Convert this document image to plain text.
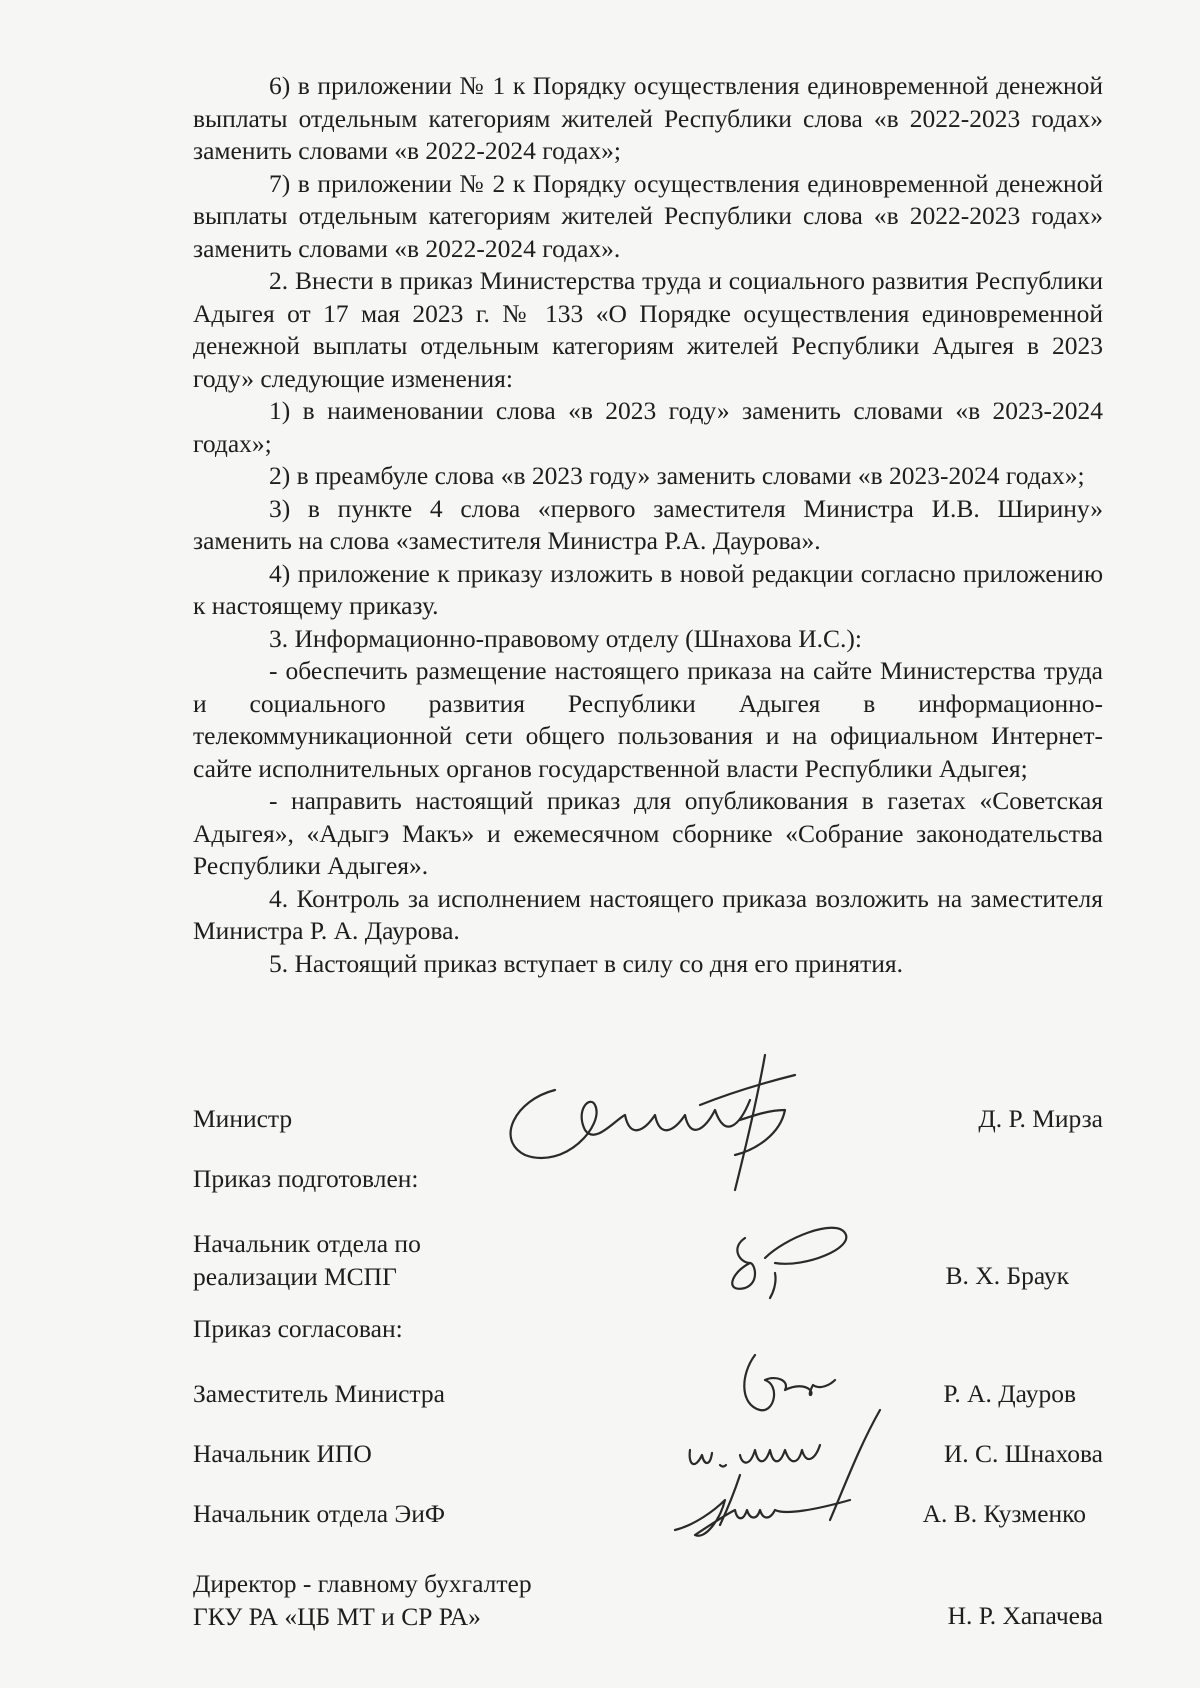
6) в приложении № 1 к Порядку осуществления единовременной денежной выплаты отдельным категориям жителей Республики слова «в 2022-2023 годах» заменить словами «в 2022-2024 годах»;

7) в приложении № 2 к Порядку осуществления единовременной денежной выплаты отдельным категориям жителей Республики слова «в 2022-2023 годах» заменить словами «в 2022-2024 годах».

2. Внести в приказ Министерства труда и социального развития Республики Адыгея от 17 мая 2023 г. № 133 «О Порядке осуществления единовременной денежной выплаты отдельным категориям жителей Республики Адыгея в 2023 году» следующие изменения:

1) в наименовании слова «в 2023 году» заменить словами «в 2023-2024 годах»;

2) в преамбуле слова «в 2023 году» заменить словами «в 2023-2024 годах»;

3) в пункте 4 слова «первого заместителя Министра И.В. Ширину» заменить на слова «заместителя Министра Р.А. Даурова».

4) приложение к приказу изложить в новой редакции согласно приложению к настоящему приказу.

3. Информационно-правовому отделу (Шнахова И.С.):

- обеспечить размещение настоящего приказа на сайте Министерства труда и социального развития Республики Адыгея в информационно-телекоммуникационной сети общего пользования и на официальном Интернет-сайте исполнительных органов государственной власти Республики Адыгея;

- направить настоящий приказ для опубликования в газетах «Советская Адыгея», «Адыгэ Макъ» и ежемесячном сборнике «Собрание законодательства Республики Адыгея».

4. Контроль за исполнением настоящего приказа возложить на заместителя Министра Р. А. Даурова.

5. Настоящий приказ вступает в силу со дня его принятия.

Министр	Д. Р. Мирза
Приказ подготовлен:
Начальник отдела по
реализации МСПГ	В. Х. Браук
Приказ согласован:
Заместитель Министра	Р. А. Дауров
Начальник ИПО	И. С. Шнахова
Начальник отдела ЭиФ	А. В. Кузменко
Директор - главному бухгалтер
ГКУ РА «ЦБ МТ и СР РА»	Н. Р. Хапачева
